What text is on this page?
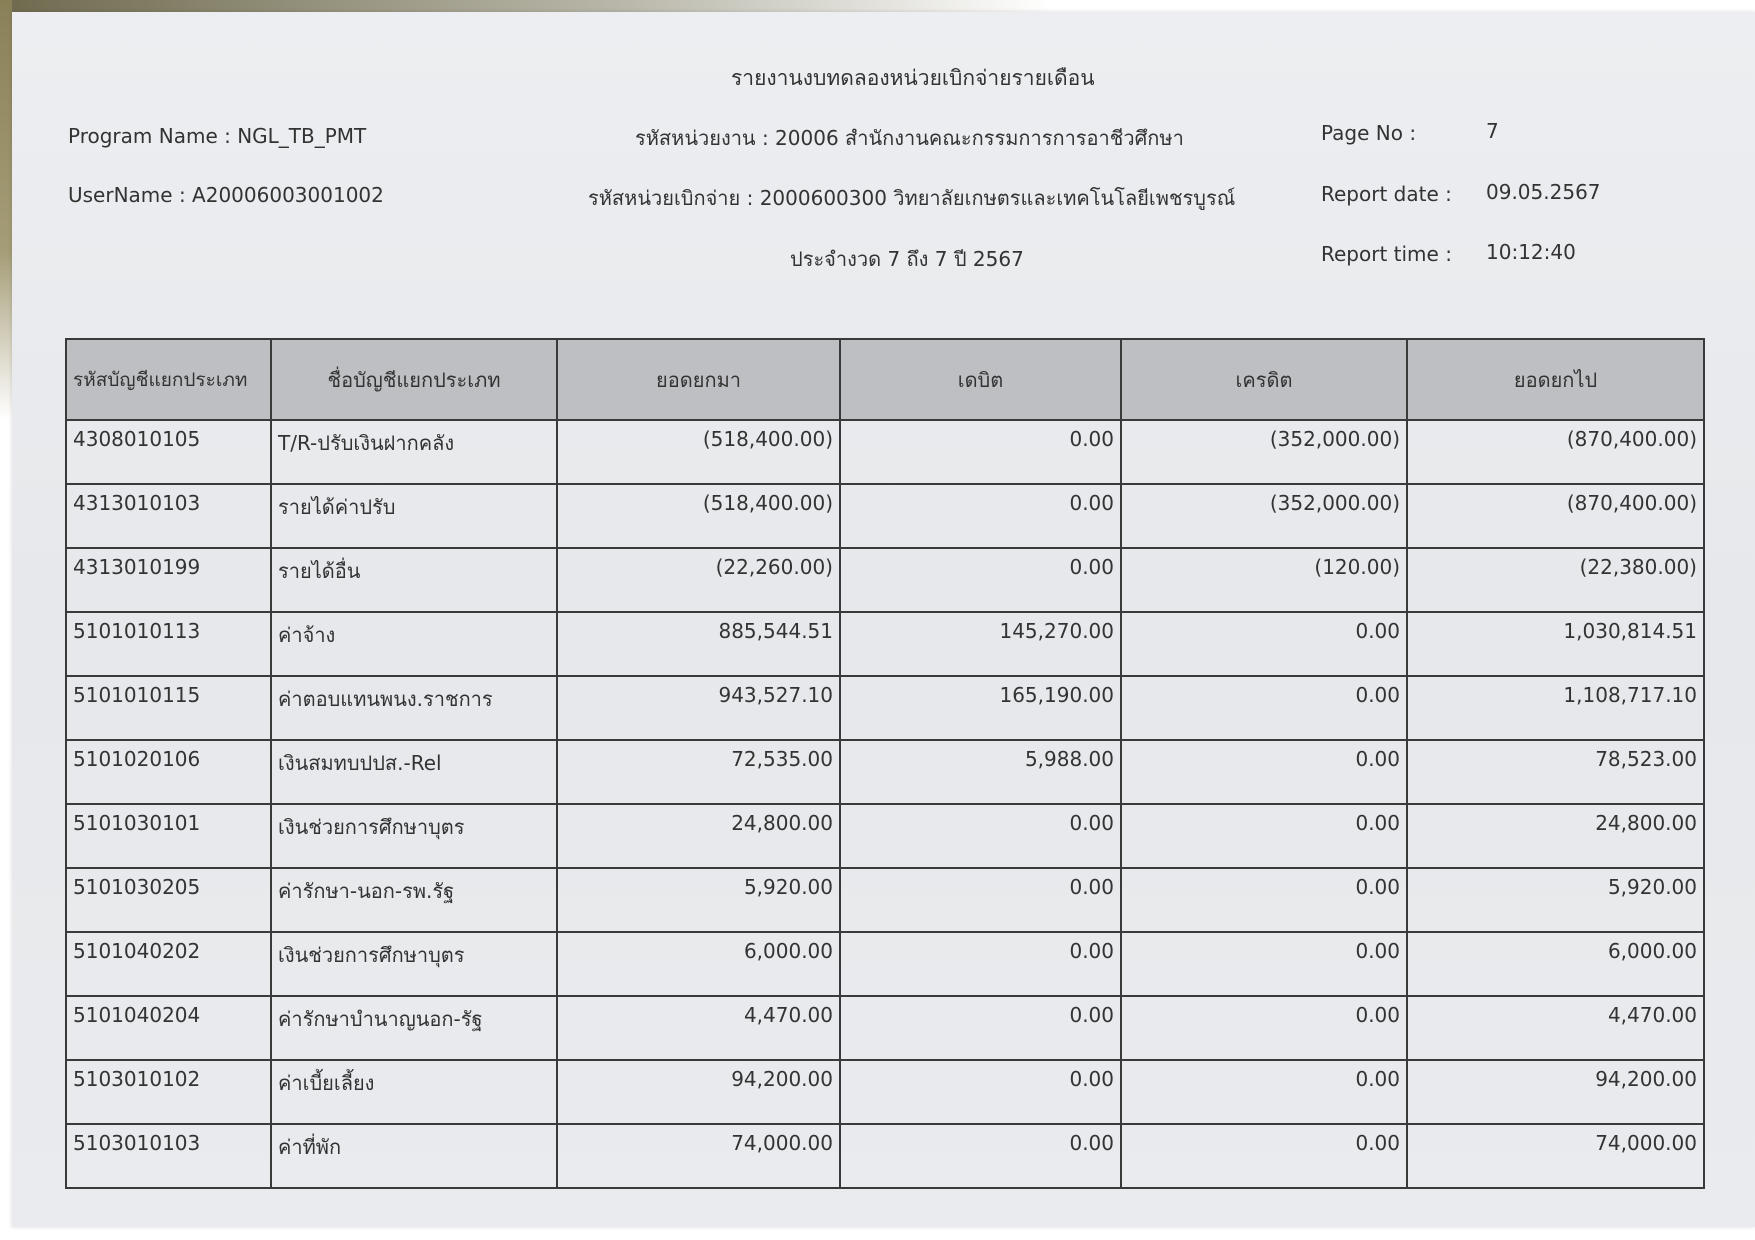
รายงานงบทดลองหน่วยเบิกจ่ายรายเดือน
Program Name : NGL_TB_PMT	รหัสหน่วยงาน : 20006 สำนักงานคณะกรรมการการอาชีวศึกษา	Page No :	7
UserName : A20006003001002	รหัสหน่วยเบิกจ่าย : 2000600300 วิทยาลัยเกษตรและเทคโนโลยีเพชรบูรณ์	Report date : 09.05.2567
ประจำงวด 7 ถึง 7 ปี 2567	Report time : 10:12:40
รหัสบัญชีแยกประเภท	ชื่อบัญชีแยกประเภท	ยอดยกมา	เดบิต	เครดิต	ยอดยกไป
4308010105	T/R-ปรับเงินฝากคลัง	(518,400.00)	0.00	(352,000.00)	(870,400.00)
4313010103	รายได้ค่าปรับ	(518,400.00)	0.00	(352,000.00)	(870,400.00)
4313010199	รายได้อื่น	(22,260.00)	0.00	(120.00)	(22,380.00)
5101010113	ค่าจ้าง	885,544.51	145,270.00	0.00	1,030,814.51
5101010115	ค่าตอบแทนพนง.ราชการ	943,527.10	165,190.00	0.00	1,108,717.10
5101020106	เงินสมทบปปส.-Rel	72,535.00	5,988.00	0.00	78,523.00
5101030101	เงินช่วยการศึกษาบุตร	24,800.00	0.00	0.00	24,800.00
5101030205	ค่ารักษา-นอก-รพ.รัฐ	5,920.00	0.00	0.00	5,920.00
5101040202	เงินช่วยการศึกษาบุตร	6,000.00	0.00	0.00	6,000.00
5101040204	ค่ารักษาบำนาญนอก-รัฐ	4,470.00	0.00	0.00	4,470.00
5103010102	ค่าเบี้ยเลี้ยง	94,200.00	0.00	0.00	94,200.00
5103010103	ค่าที่พัก	74,000.00	0.00	0.00	74,000.00
